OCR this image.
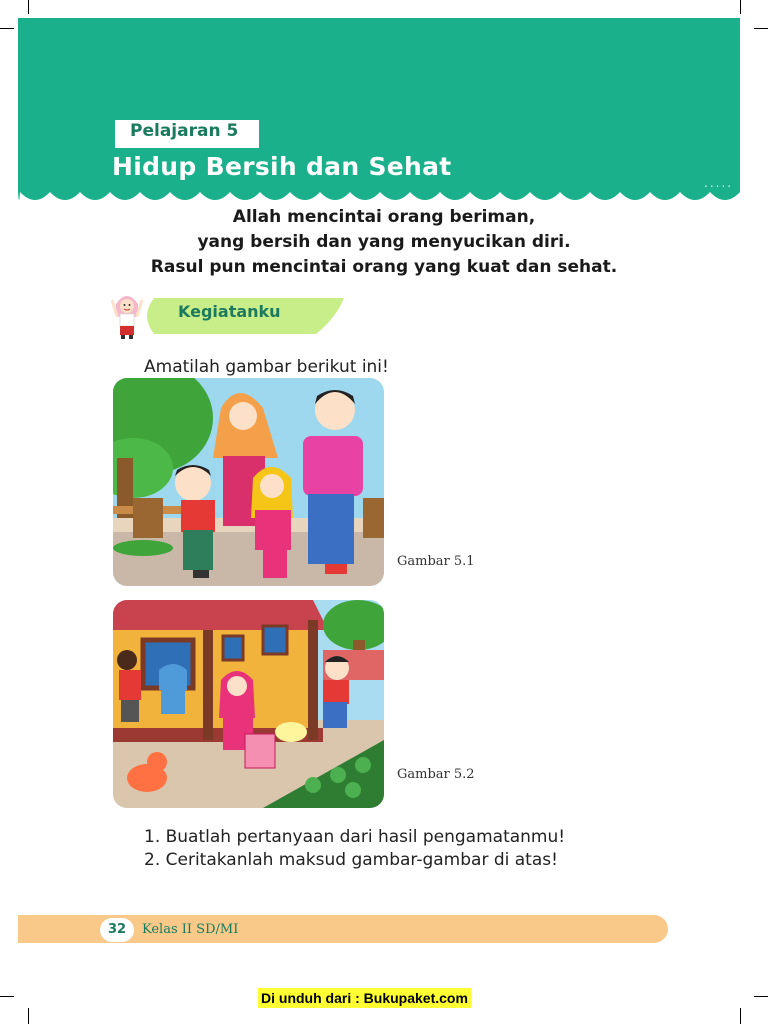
Pelajaran 5
Hidup Bersih dan Sehat
.....
Allah mencintai orang beriman,
yang bersih dan yang menyucikan diri.
Rasul pun mencintai orang yang kuat dan sehat.
Kegiatanku
Amatilah gambar berikut ini!
Gambar 5.1
Gambar 5.2
1. Buatlah pertanyaan dari hasil pengamatanmu!
2. Ceritakanlah maksud gambar-gambar di atas!
32	Kelas II SD/MI
Di unduh dari : Bukupaket.com
